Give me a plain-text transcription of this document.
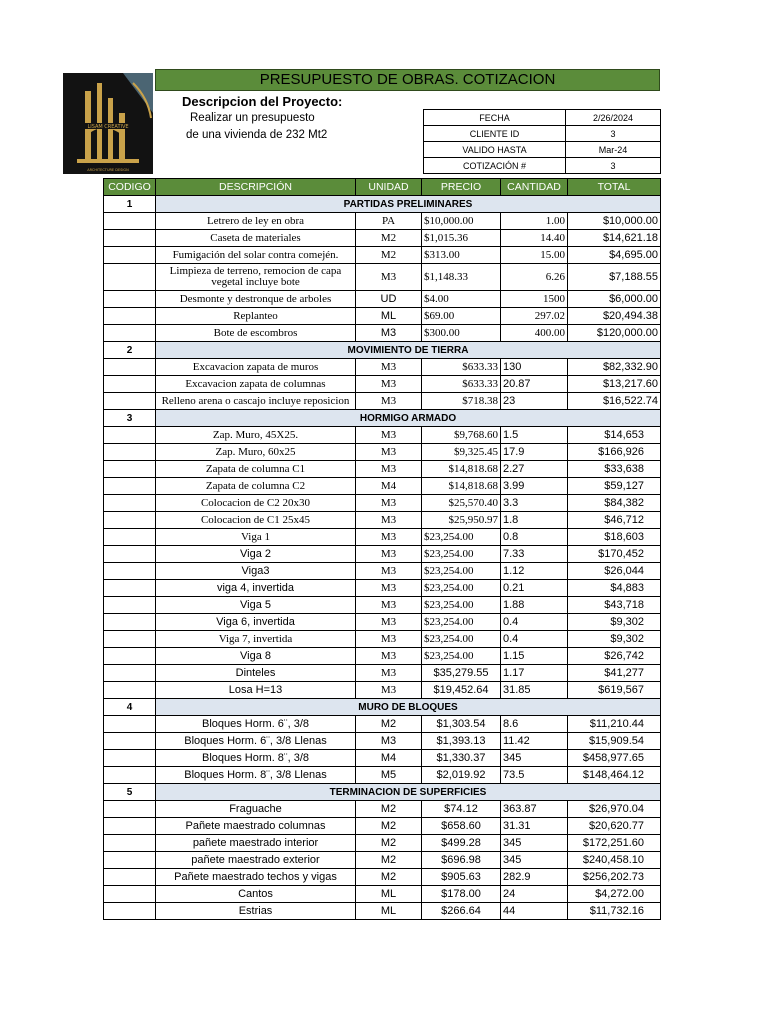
LISAM CREATIVE
ARCHITECTURE DESIGN
PRESUPUESTO DE OBRAS. COTIZACION
Descripcion del Proyecto:
Realizar un presupuesto
de una vivienda de 232 Mt2
FECHA	2/26/2024
CLIENTE ID	3
VALIDO HASTA	Mar-24
COTIZACIÓN #	3
CODIGO	DESCRIPCIÓN	UNIDAD	PRECIO	CANTIDAD	TOTAL
1	PARTIDAS PRELIMINARES				
	Letrero de ley en obra	PA	$10,000.00	1.00	$10,000.00
	Caseta de materiales	M2	$1,015.36	14.40	$14,621.18
	Fumigación del solar contra comején.	M2	$313.00	15.00	$4,695.00
	Limpieza de terreno, remocion de capa vegetal incluye bote	M3	$1,148.33	6.26	$7,188.55
	Desmonte y destronque de arboles	UD	$4.00	1500	$6,000.00
	Replanteo	ML	$69.00	297.02	$20,494.38
	Bote de escombros	M3	$300.00	400.00	$120,000.00
2	MOVIMIENTO DE TIERRA				
	Excavacion zapata de muros	M3	$633.33	130	$82,332.90
	Excavacion zapata de columnas	M3	$633.33	20.87	$13,217.60
	Relleno arena o cascajo incluye reposicion	M3	$718.38	23	$16,522.74
3	HORMIGO ARMADO				
	Zap. Muro, 45X25.	M3	$9,768.60	1.5	$14,653
	Zap. Muro, 60x25	M3	$9,325.45	17.9	$166,926
	Zapata de columna C1	M3	$14,818.68	2.27	$33,638
	Zapata de columna C2	M4	$14,818.68	3.99	$59,127
	Colocacion de C2 20x30	M3	$25,570.40	3.3	$84,382
	Colocacion de C1 25x45	M3	$25,950.97	1.8	$46,712
	Viga 1	M3	$23,254.00	0.8	$18,603
	Viga 2	M3	$23,254.00	7.33	$170,452
	Viga3	M3	$23,254.00	1.12	$26,044
	viga 4, invertida	M3	$23,254.00	0.21	$4,883
	Viga 5	M3	$23,254.00	1.88	$43,718
	Viga 6, invertida	M3	$23,254.00	0.4	$9,302
	Viga 7, invertida	M3	$23,254.00	0.4	$9,302
	Viga 8	M3	$23,254.00	1.15	$26,742
	Dinteles	M3	$35,279.55	1.17	$41,277
	Losa H=13	M3	$19,452.64	31.85	$619,567
4	MURO DE BLOQUES				
	Bloques Horm. 6¨, 3/8	M2	$1,303.54	8.6	$11,210.44
	Bloques Horm. 6¨, 3/8 Llenas	M3	$1,393.13	11.42	$15,909.54
	Bloques Horm. 8¨, 3/8	M4	$1,330.37	345	$458,977.65
	Bloques Horm. 8¨, 3/8 Llenas	M5	$2,019.92	73.5	$148,464.12
5	TERMINACION DE SUPERFICIES				
	Fraguache	M2	$74.12	363.87	$26,970.04
	Pañete maestrado columnas	M2	$658.60	31.31	$20,620.77
	pañete maestrado interior	M2	$499.28	345	$172,251.60
	pañete maestrado exterior	M2	$696.98	345	$240,458.10
	Pañete maestrado techos y vigas	M2	$905.63	282.9	$256,202.73
	Cantos	ML	$178.00	24	$4,272.00
	Estrias	ML	$266.64	44	$11,732.16
